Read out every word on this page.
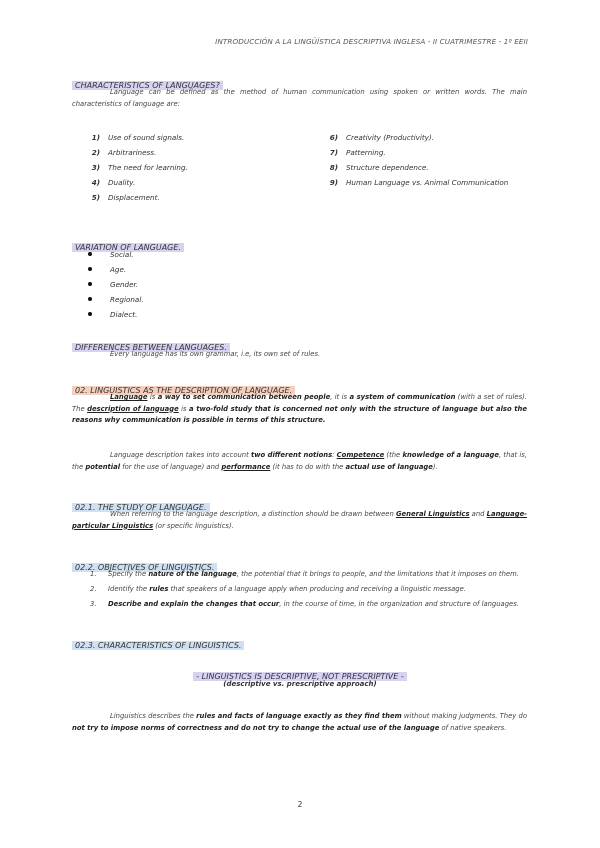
INTRODUCCIÓN A LA LINGÜÍSTICA DESCRIPTIVA INGLESA - II CUATRIMESTRE - 1º EEII
CHARACTERISTICS OF LANGUAGES?
Language can be defined as the method of human communication using spoken or written words. The main characteristics of language are:
1) Use of sound signals.
2) Arbitrariness.
3) The need for learning.
4) Duality.
5) Displacement.
6) Creativity (Productivity).
7) Patterning.
8) Structure dependence.
9) Human Language vs. Animal Communication
VARIATION OF LANGUAGE.
Social.
Age.
Gender.
Regional.
Dialect.
DIFFERENCES BETWEEN LANGUAGES.
Every language has its own grammar, i.e, its own set of rules.
02. LINGUISTICS AS THE DESCRIPTION OF LANGUAGE.
Language is a way to set communication between people, it is a system of communication (with a set of rules). The description of language is a two-fold study that is concerned not only with the structure of language but also the reasons why communication is possible in terms of this structure.
Language description takes into account two different notions: Competence (the knowledge of a language, that is, the potential for the use of language) and performance (it has to do with the actual use of language).
02.1. THE STUDY OF LANGUAGE.
When referring to the language description, a distinction should be drawn between General Linguistics and Language-particular Linguistics (or specific linguistics).
02.2. OBJECTIVES OF LINGUISTICS.
1. Specify the nature of the language, the potential that it brings to people, and the limitations that it imposes on them.
2. Identify the rules that speakers of a language apply when producing and receiving a linguistic message.
3. Describe and explain the changes that occur, in the course of time, in the organization and structure of languages.
02.3. CHARACTERISTICS OF LINGUISTICS.
- LINGUISTICS IS DESCRIPTIVE, NOT PRESCRIPTIVE -
(descriptive vs. prescriptive approach)
Linguistics describes the rules and facts of language exactly as they find them without making judgments. They do not try to impose norms of correctness and do not try to change the actual use of the language of native speakers.
2
